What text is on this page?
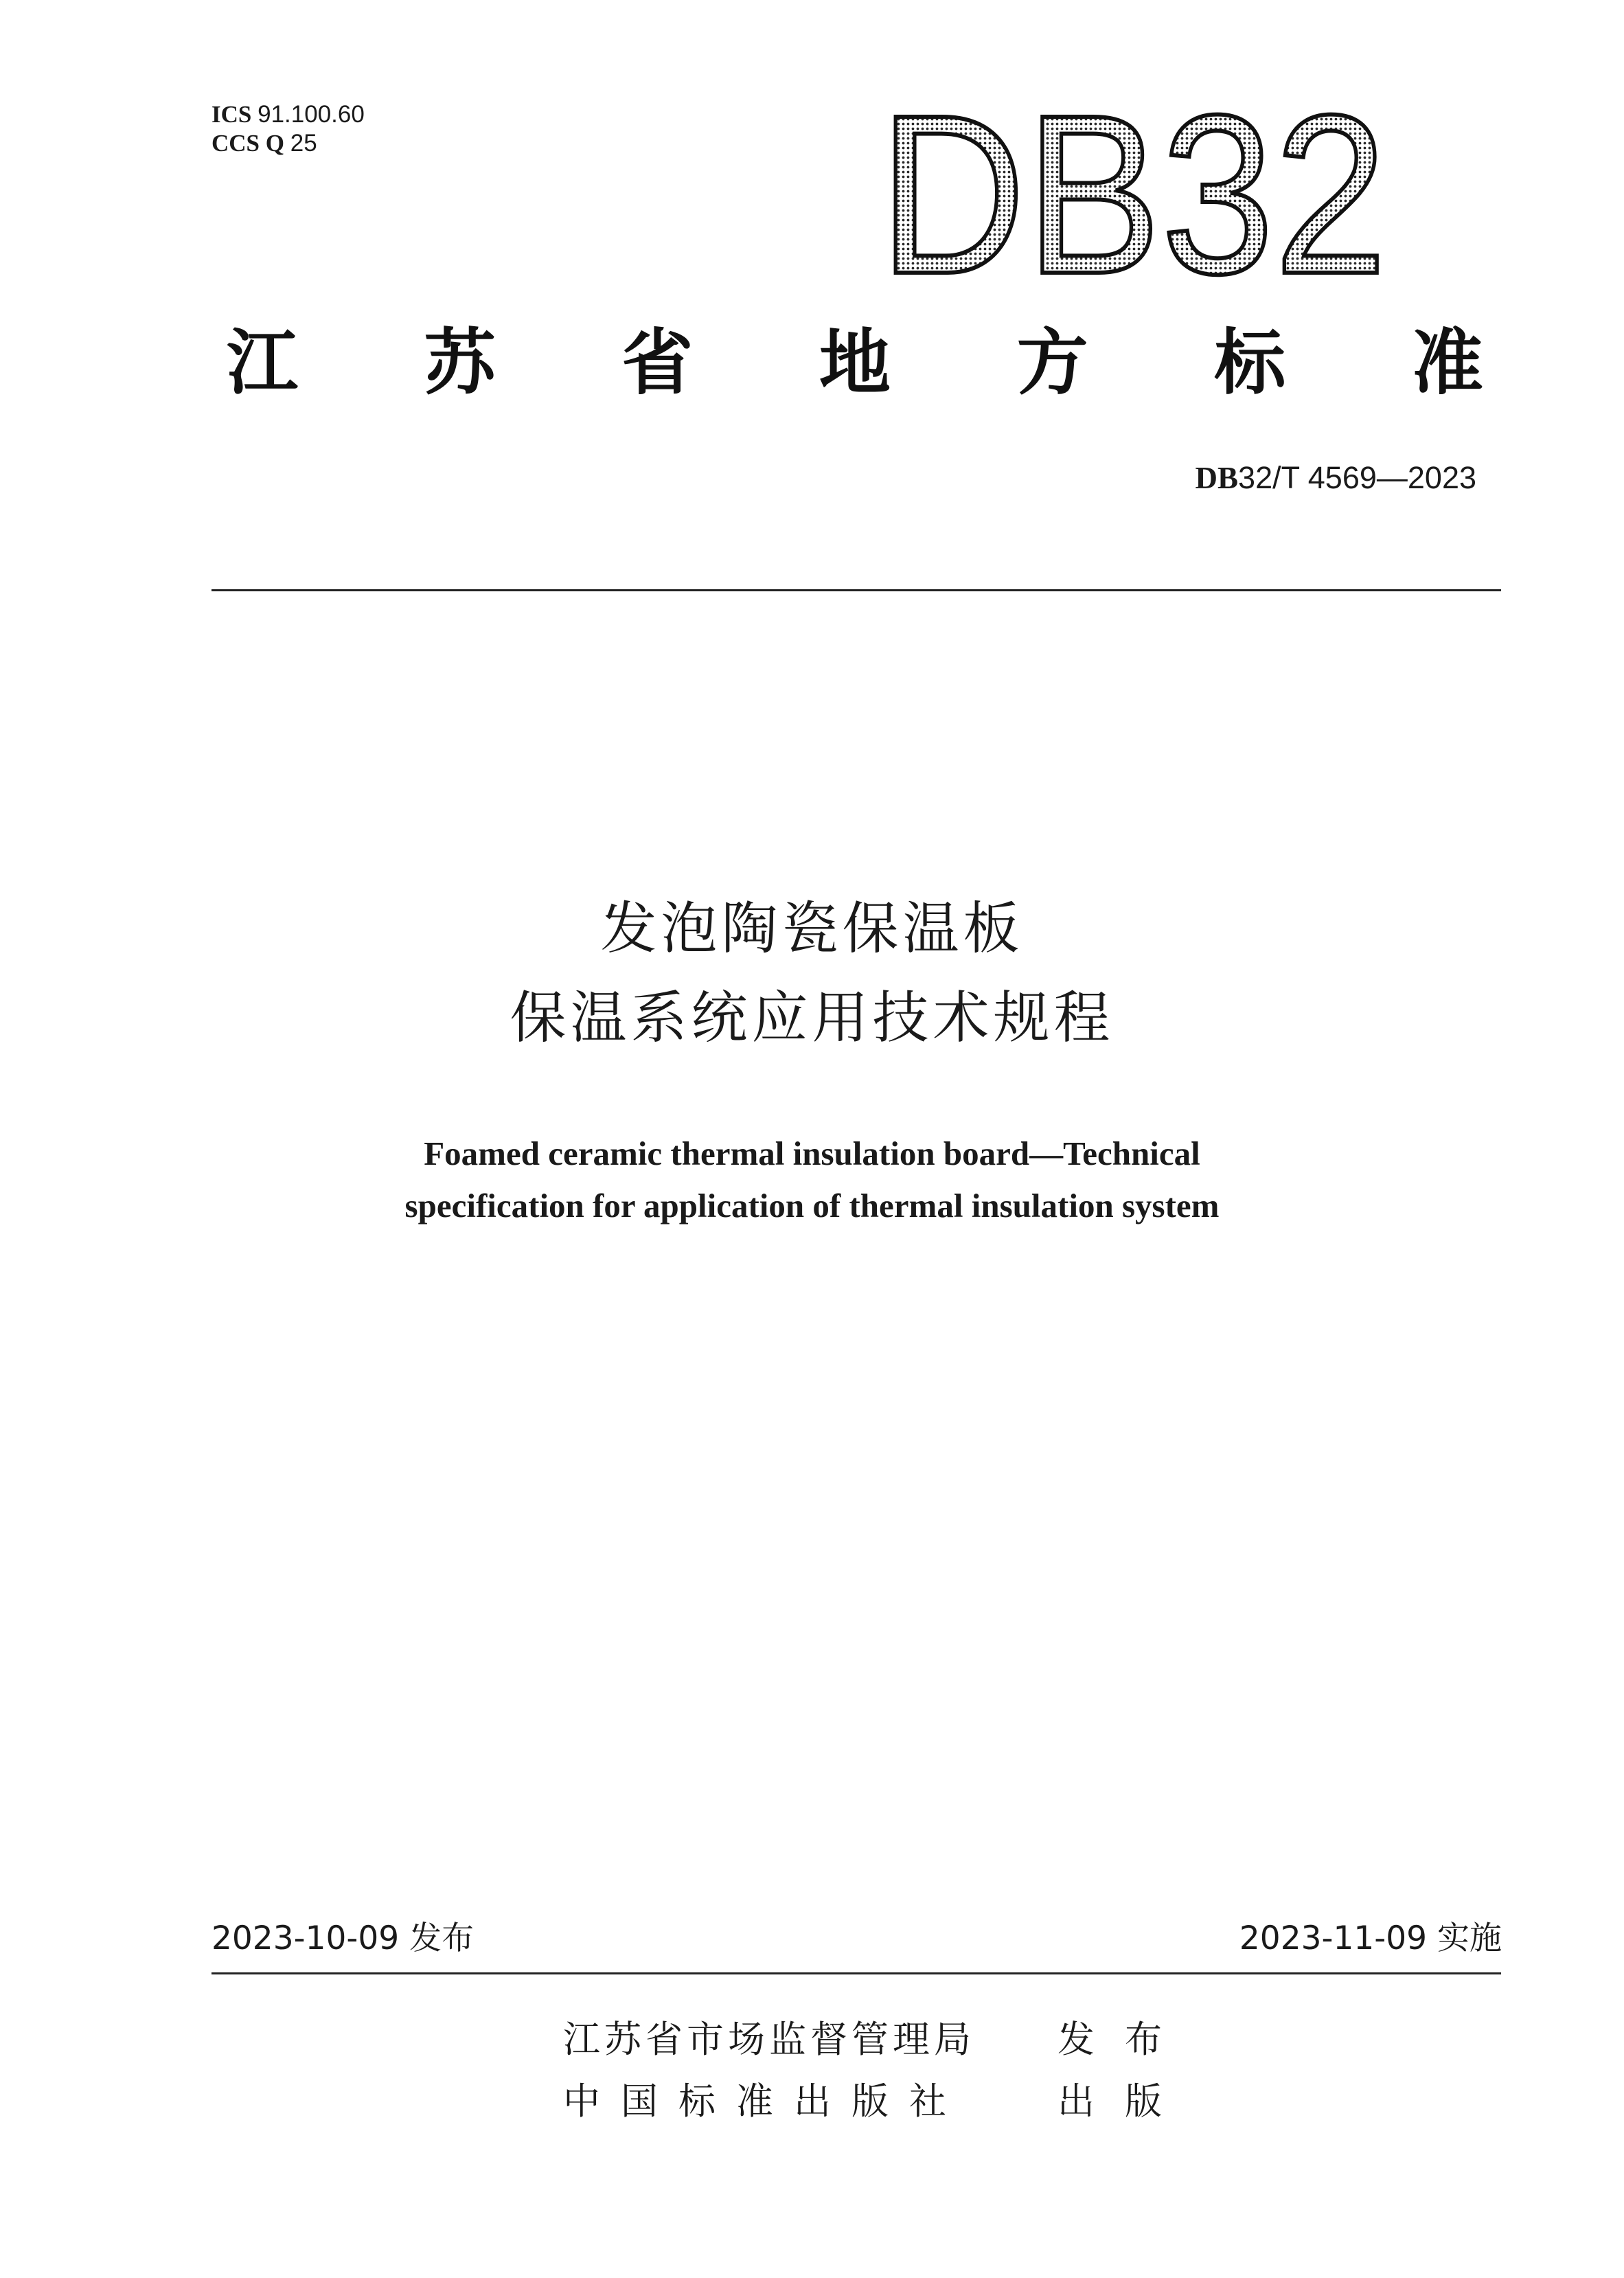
ICS 91.100.60
CCS Q 25 DB32
江 苏 省 地 方 标 准
DB32/T 4569—2023
发泡陶瓷保温板
保温系统应用技术规程
Foamed ceramic thermal insulation board—Technical
specification for application of thermal insulation system
2023-10-09 发布	2023-11-09 实施
江苏省市场监督管理局 发布
中国标准出版社 出版
